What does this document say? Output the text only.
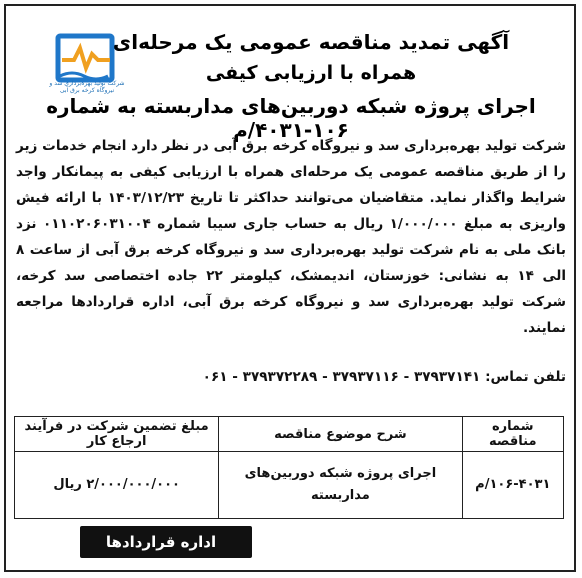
شرکت تولید بهره‌برداری سد و نیروگاه کرخه برق آبی
آگهی تمدید مناقصه عمومی یک مرحله‌ای
همراه با ارزیابی کیفی
اجرای پروژه شبکه دوربین‌های مداربسته به شماره ۱۰۶-۴۰۳۱/م
شرکت تولید بهره‌برداری سد و نیروگاه کرخه برق آبی در نظر دارد انجام خدمات زیر را از طریق مناقصه عمومی یک مرحله‌ای همراه با ارزیابی کیفی به پیمانکار واجد شرایط واگذار نماید. متقاضیان می‌توانند حداکثر تا تاریخ ۱۴۰۳/۱۲/۲۳ با ارائه فیش واریزی به مبلغ ۱/۰۰۰/۰۰۰ ریال به حساب جاری سیبا شماره ۰۱۱۰۲۰۶۰۳۱۰۰۴ نزد بانک ملی به نام شرکت تولید بهره‌برداری سد و نیروگاه کرخه برق آبی از ساعت ۸ الی ۱۴ به نشانی: خوزستان، اندیمشک، کیلومتر ۲۲ جاده اختصاصی سد کرخه، شرکت تولید بهره‌برداری سد و نیروگاه کرخه برق آبی، اداره قراردادها مراجعه نمایند.
تلفن تماس: ۳۷۹۳۷۱۴۱ - ۳۷۹۳۷۱۱۶ - ۳۷۹۳۷۲۲۸۹ - ۰۶۱
شماره مناقصه	شرح موضوع مناقصه	مبلغ تضمین شرکت در فرآیند ارجاع کار
۱۰۶-۴۰۳۱/م	اجرای پروژه شبکه دوربین‌های مداربسته	۲/۰۰۰/۰۰۰/۰۰۰ ریال
اداره قراردادها
